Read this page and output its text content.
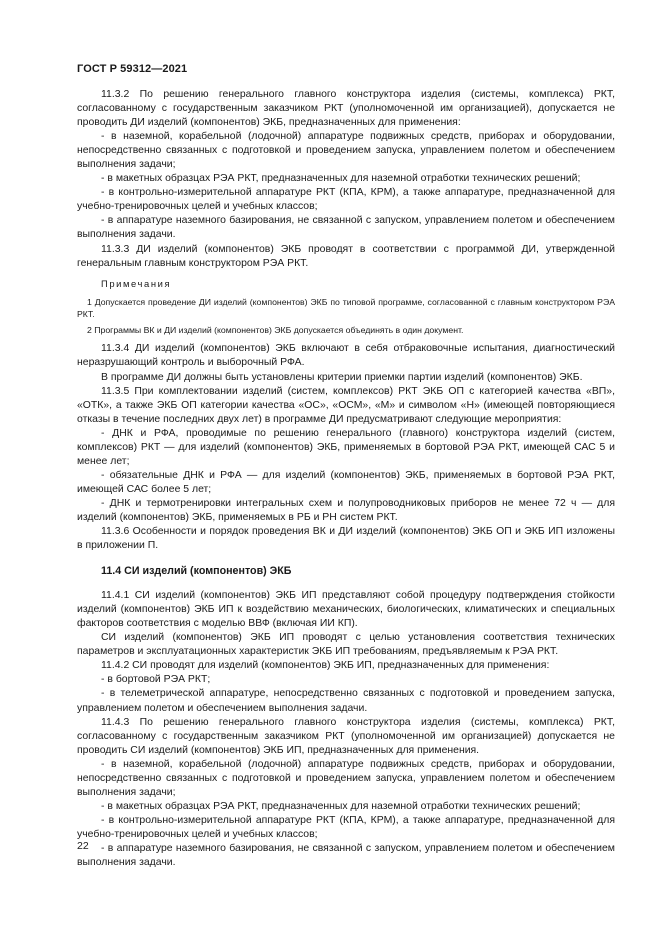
ГОСТ Р 59312—2021

11.3.2 По решению генерального главного конструктора изделия (системы, комплекса) РКТ, согласованному с государственным заказчиком РКТ (уполномоченной им организацией), допускается не проводить ДИ изделий (компонентов) ЭКБ, предназначенных для применения:

- в наземной, корабельной (лодочной) аппаратуре подвижных средств, приборах и оборудовании, непосредственно связанных с подготовкой и проведением запуска, управлением полетом и обеспечением выполнения задачи;

- в макетных образцах РЭА РКТ, предназначенных для наземной отработки технических решений;

- в контрольно-измерительной аппаратуре РКТ (КПА, КРМ), а также аппаратуре, предназначенной для учебно-тренировочных целей и учебных классов;

- в аппаратуре наземного базирования, не связанной с запуском, управлением полетом и обеспечением выполнения задачи.

11.3.3 ДИ изделий (компонентов) ЭКБ проводят в соответствии с программой ДИ, утвержденной генеральным главным конструктором РЭА РКТ.

Примечания

1 Допускается проведение ДИ изделий (компонентов) ЭКБ по типовой программе, согласованной с главным конструктором РЭА РКТ.

2 Программы ВК и ДИ изделий (компонентов) ЭКБ допускается объединять в один документ.

11.3.4 ДИ изделий (компонентов) ЭКБ включают в себя отбраковочные испытания, диагностический неразрушающий контроль и выборочный РФА.

В программе ДИ должны быть установлены критерии приемки партии изделий (компонентов) ЭКБ.

11.3.5 При комплектовании изделий (систем, комплексов) РКТ ЭКБ ОП с категорией качества «ВП», «ОТК», а также ЭКБ ОП категории качества «ОС», «ОСМ», «М» и символом «Н» (имеющей повторяющиеся отказы в течение последних двух лет) в программе ДИ предусматривают следующие мероприятия:

- ДНК и РФА, проводимые по решению генерального (главного) конструктора изделий (систем, комплексов) РКТ — для изделий (компонентов) ЭКБ, применяемых в бортовой РЭА РКТ, имеющей САС 5 и менее лет;

- обязательные ДНК и РФА — для изделий (компонентов) ЭКБ, применяемых в бортовой РЭА РКТ, имеющей САС более 5 лет;

- ДНК и термотренировки интегральных схем и полупроводниковых приборов не менее 72 ч — для изделий (компонентов) ЭКБ, применяемых в РБ и РН систем РКТ.

11.3.6 Особенности и порядок проведения ВК и ДИ изделий (компонентов) ЭКБ ОП и ЭКБ ИП изложены в приложении П.

11.4 СИ изделий (компонентов) ЭКБ

11.4.1 СИ изделий (компонентов) ЭКБ ИП представляют собой процедуру подтверждения стойкости изделий (компонентов) ЭКБ ИП к воздействию механических, биологических, климатических и специальных факторов соответствия с моделью ВВФ (включая ИИ КП).

СИ изделий (компонентов) ЭКБ ИП проводят с целью установления соответствия технических параметров и эксплуатационных характеристик ЭКБ ИП требованиям, предъявляемым к РЭА РКТ.

11.4.2 СИ проводят для изделий (компонентов) ЭКБ ИП, предназначенных для применения:

- в бортовой РЭА РКТ;

- в телеметрической аппаратуре, непосредственно связанных с подготовкой и проведением запуска, управлением полетом и обеспечением выполнения задачи.

11.4.3 По решению генерального главного конструктора изделия (системы, комплекса) РКТ, согласованному с государственным заказчиком РКТ (уполномоченной им организацией) допускается не проводить СИ изделий (компонентов) ЭКБ ИП, предназначенных для применения.

- в наземной, корабельной (лодочной) аппаратуре подвижных средств, приборах и оборудовании, непосредственно связанных с подготовкой и проведением запуска, управлением полетом и обеспечением выполнения задачи;

- в макетных образцах РЭА РКТ, предназначенных для наземной отработки технических решений;

- в контрольно-измерительной аппаратуре РКТ (КПА, КРМ), а также аппаратуре, предназначенной для учебно-тренировочных целей и учебных классов;

- в аппаратуре наземного базирования, не связанной с запуском, управлением полетом и обеспечением выполнения задачи.

22
